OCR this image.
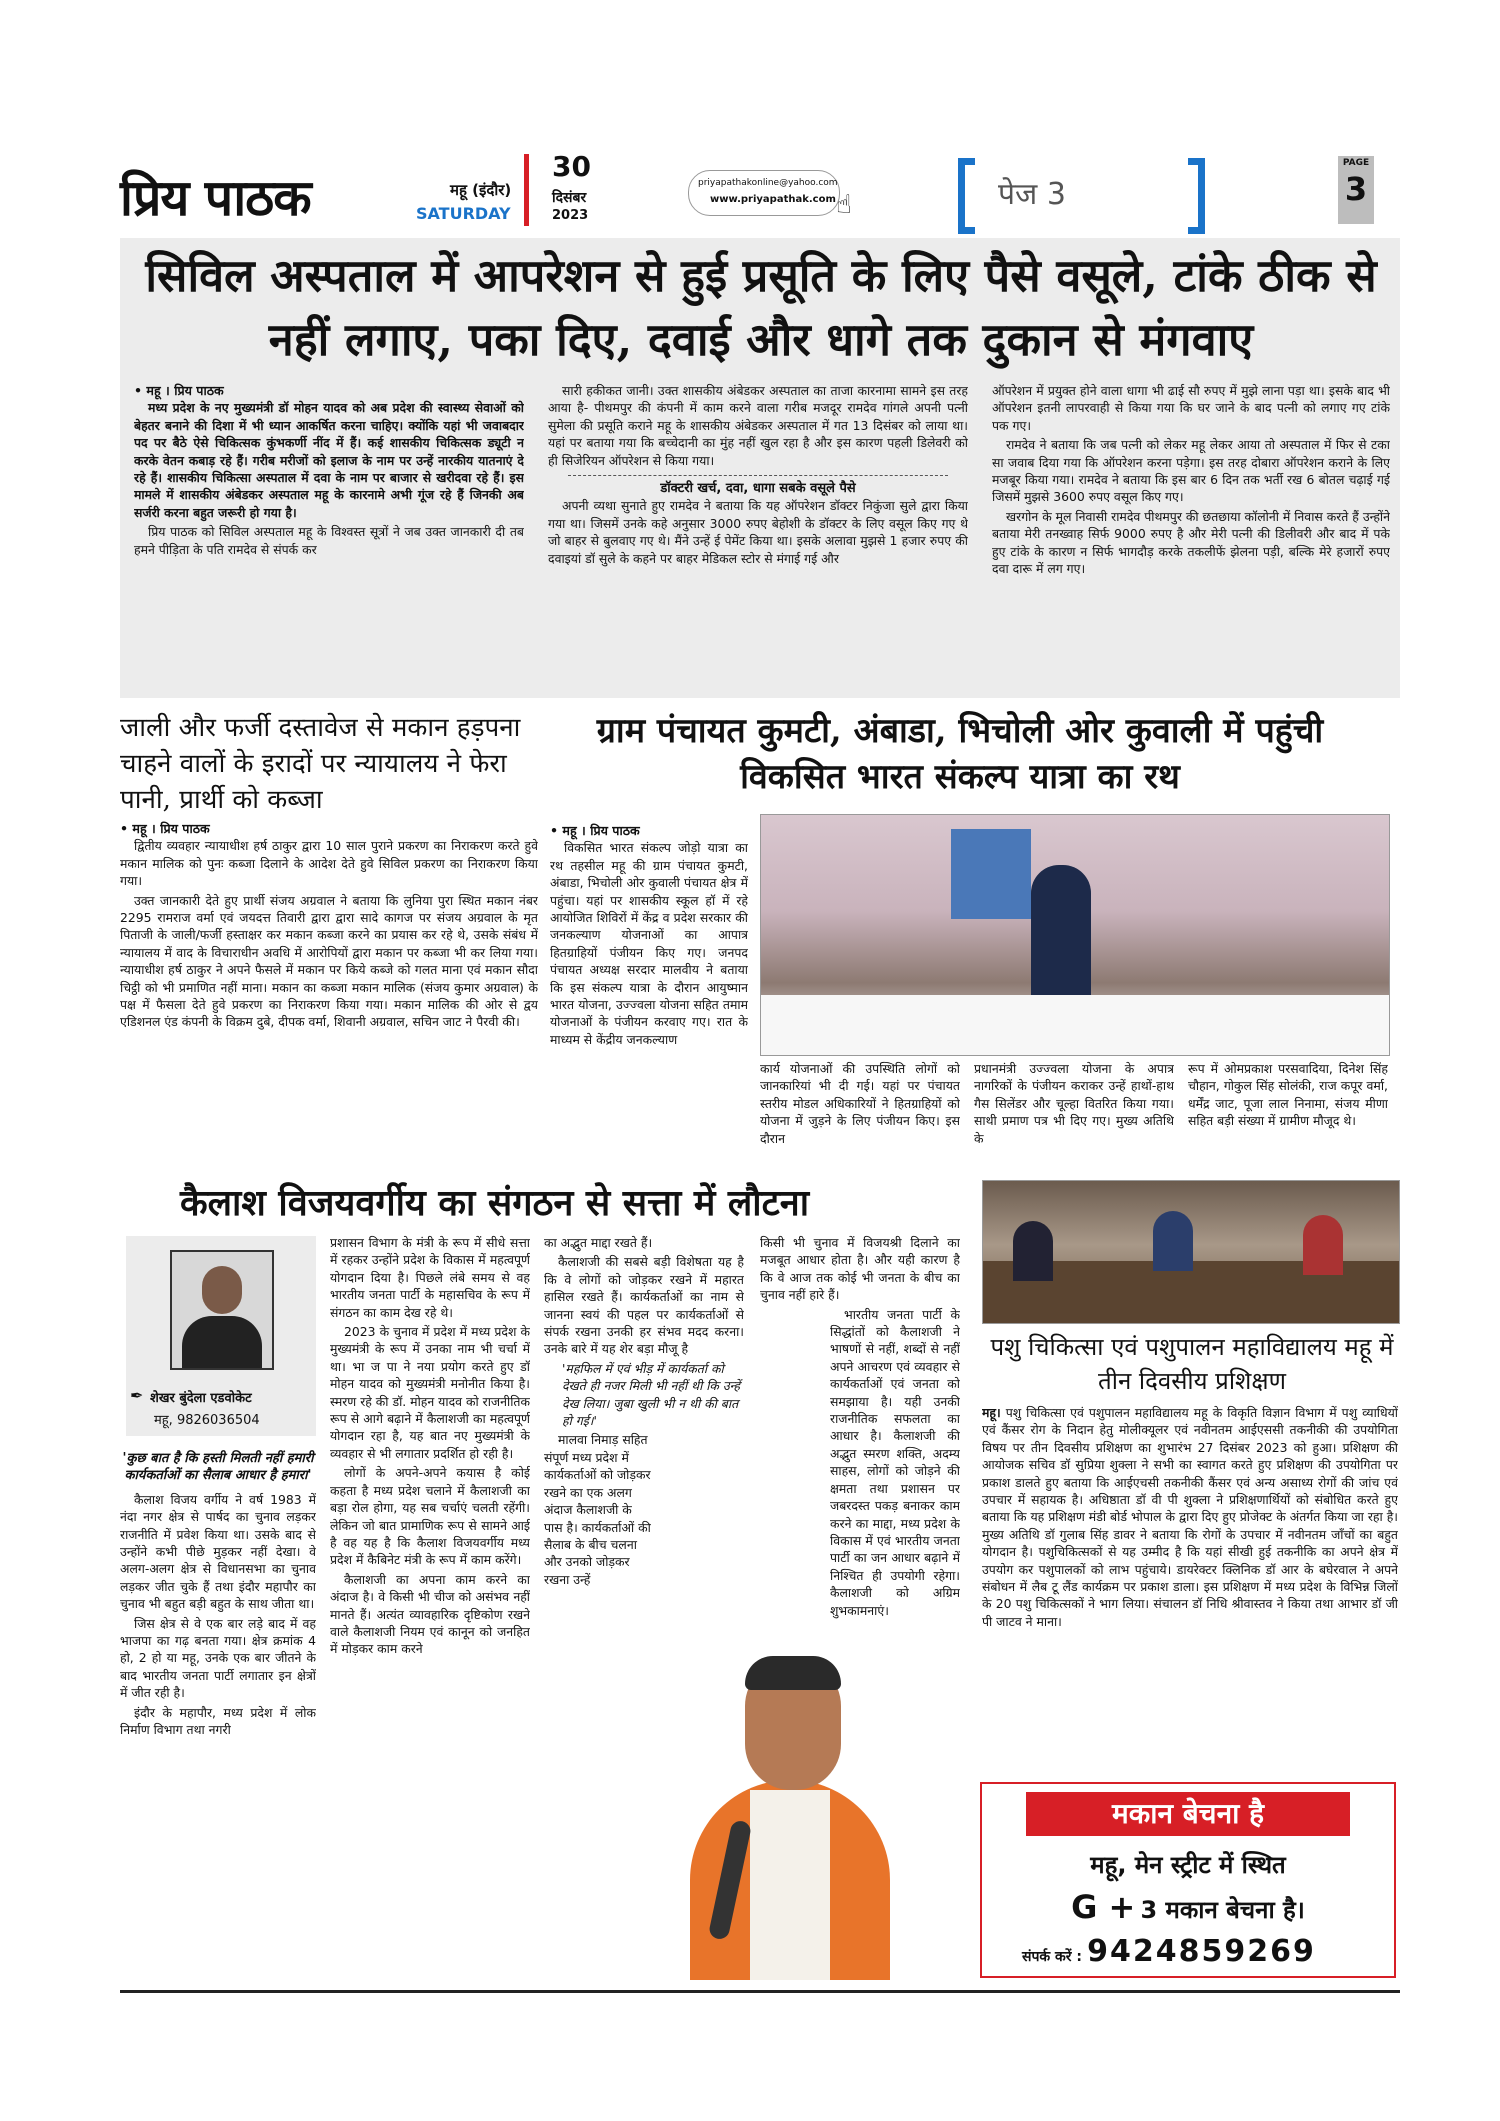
प्रिय पाठक	महू (इंदौर)
SATURDAY
30
दिसंबर
2023
priyapathakonline@yahoo.com
www.priyapathak.com ☝	पेज 3
PAGE
3
सिविल अस्पताल में आपरेशन से हुई प्रसूति के लिए पैसे वसूले, टांके ठीक से नहीं लगाए, पका दिए, दवाई और धागे तक दुकान से मंगवाए
• महू । प्रिय पाठक

मध्य प्रदेश के नए मुख्यमंत्री डॉ मोहन यादव को अब प्रदेश की स्वास्थ्य सेवाओं को बेहतर बनाने की दिशा में भी ध्यान आकर्षित करना चाहिए। क्योंकि यहां भी जवाबदार पद पर बैठे ऐसे चिकित्सक कुंभकर्णी नींद में हैं। कई शासकीय चिकित्सक ड्यूटी न करके वेतन कबाड़ रहे हैं। गरीब मरीजों को इलाज के नाम पर उन्हें नारकीय यातनाएं दे रहे हैं। शासकीय चिकित्सा अस्पताल में दवा के नाम पर बाजार से खरीदवा रहे हैं। इस मामले में शासकीय अंबेडकर अस्पताल महू के कारनामे अभी गूंज रहे हैं जिनकी अब सर्जरी करना बहुत जरूरी हो गया है।

प्रिय पाठक को सिविल अस्पताल महू के विश्वस्त सूत्रों ने जब उक्त जानकारी दी तब हमने पीड़िता के पति रामदेव से संपर्क कर

सारी हकीकत जानी। उक्त शासकीय अंबेडकर अस्पताल का ताजा कारनामा सामने इस तरह आया है- पीथमपुर की कंपनी में काम करने वाला गरीब मजदूर रामदेव गांगले अपनी पत्नी सुमेला की प्रसूति कराने महू के शासकीय अंबेडकर अस्पताल में गत 13 दिसंबर को लाया था। यहां पर बताया गया कि बच्चेदानी का मुंह नहीं खुल रहा है और इस कारण पहली डिलेवरी को ही सिजेरियन ऑपरेशन से किया गया।

डॉक्टरी खर्च, दवा, धागा सबके वसूले पैसे

अपनी व्यथा सुनाते हुए रामदेव ने बताया कि यह ऑपरेशन डॉक्टर निकुंजा सुले द्वारा किया गया था। जिसमें उनके कहे अनुसार 3000 रुपए बेहोशी के डॉक्टर के लिए वसूल किए गए थे जो बाहर से बुलवाए गए थे। मैंने उन्हें ई पेमेंट किया था। इसके अलावा मुझसे 1 हजार रुपए की दवाइयां डॉ सुले के कहने पर बाहर मेडिकल स्टोर से मंगाई गई और

ऑपरेशन में प्रयुक्त होने वाला धागा भी ढाई सौ रुपए में मुझे लाना पड़ा था। इसके बाद भी ऑपरेशन इतनी लापरवाही से किया गया कि घर जाने के बाद पत्नी को लगाए गए टांके पक गए।

रामदेव ने बताया कि जब पत्नी को लेकर महू लेकर आया तो अस्पताल में फिर से टका सा जवाब दिया गया कि ऑपरेशन करना पड़ेगा। इस तरह दोबारा ऑपरेशन कराने के लिए मजबूर किया गया। रामदेव ने बताया कि इस बार 6 दिन तक भर्ती रख 6 बोतल चढ़ाई गई जिसमें मुझसे 3600 रुपए वसूल किए गए।

खरगोन के मूल निवासी रामदेव पीथमपुर की छतछाया कॉलोनी में निवास करते हैं उन्होंने बताया मेरी तनख्वाह सिर्फ 9000 रुपए है और मेरी पत्नी की डिलीवरी और बाद में पके हुए टांके के कारण न सिर्फ भागदौड़ करके तकलीफें झेलना पड़ी, बल्कि मेरे हजारों रुपए दवा दारू में लग गए।

जाली और फर्जी दस्तावेज से मकान हड़पना चाहने वालों के इरादों पर न्यायालय ने फेरा पानी, प्रार्थी को कब्जा
• महू । प्रिय पाठक

द्वितीय व्यवहार न्यायाधीश हर्ष ठाकुर द्वारा 10 साल पुराने प्रकरण का निराकरण करते हुवे मकान मालिक को पुनः कब्जा दिलाने के आदेश देते हुवे सिविल प्रकरण का निराकरण किया गया।

उक्त जानकारी देते हुए प्रार्थी संजय अग्रवाल ने बताया कि लुनिया पुरा स्थित मकान नंबर 2295 रामराज वर्मा एवं जयदत्त तिवारी द्वारा द्वारा सादे कागज पर संजय अग्रवाल के मृत पिताजी के जाली/फर्जी हस्ताक्षर कर मकान कब्जा करने का प्रयास कर रहे थे, उसके संबंध में न्यायालय में वाद के विचाराधीन अवधि में आरोपियों द्वारा मकान पर कब्जा भी कर लिया गया। न्यायाधीश हर्ष ठाकुर ने अपने फैसले में मकान पर किये कब्जे को गलत माना एवं मकान सौदा चिट्ठी को भी प्रमाणित नहीं माना। मकान का कब्जा मकान मालिक (संजय कुमार अग्रवाल) के पक्ष में फैसला देते हुवे प्रकरण का निराकरण किया गया। मकान मालिक की ओर से द्वय एडिशनल एंड कंपनी के विक्रम दुबे, दीपक वर्मा, शिवानी अग्रवाल, सचिन जाट ने पैरवी की।

ग्राम पंचायत कुमटी, अंबाडा, भिचोली ओर कुवाली में पहुंची विकसित भारत संकल्प यात्रा का रथ
• महू । प्रिय पाठक

विकसित भारत संकल्प जोड़ो यात्रा का रथ तहसील महू की ग्राम पंचायत कुमटी, अंबाडा, भिचोली ओर कुवाली पंचायत क्षेत्र में पहुंचा। यहां पर शासकीय स्कूल हॉ में रहे आयोजित शिविरों में केंद्र व प्रदेश सरकार की जनकल्याण योजनाओं का आपात्र हितग्राहियों पंजीयन किए गए। जनपद पंचायत अध्यक्ष सरदार मालवीय ने बताया कि इस संकल्प यात्रा के दौरान आयुष्मान भारत योजना, उज्ज्वला योजना सहित तमाम योजनाओं के पंजीयन करवाए गए। रात के माध्यम से केंद्रीय जनकल्याण

कार्य योजनाओं की उपस्थिति लोगों को जानकारियां भी दी गई। यहां पर पंचायत स्तरीय मोडल अधिकारियों ने हितग्राहियों को योजना में जुड़ने के लिए पंजीयन किए। इस दौरान

प्रधानमंत्री उज्ज्वला योजना के अपात्र नागरिकों के पंजीयन कराकर उन्हें हाथों-हाथ गैस सिलेंडर और चूल्हा वितरित किया गया। साथी प्रमाण पत्र भी दिए गए। मुख्य अतिथि के

रूप में ओमप्रकाश परसवादिया, दिनेश सिंह चौहान, गोकुल सिंह सोलंकी, राज कपूर वर्मा, धर्मेंद्र जाट, पूजा लाल निनामा, संजय मीणा सहित बड़ी संख्या में ग्रामीण मौजूद थे।

कैलाश विजयवर्गीय का संगठन से सत्ता में लौटना
✒ शेखर बुंदेला एडवोकेट
महू, 9826036504
'कुछ बात है कि हस्ती मिलती नहीं हमारी कार्यकर्ताओं का सैलाब आधार है हमारा'

कैलाश विजय वर्गीय ने वर्ष 1983 में नंदा नगर क्षेत्र से पार्षद का चुनाव लड़कर राजनीति में प्रवेश किया था। उसके बाद से उन्होंने कभी पीछे मुड़कर नहीं देखा। वे अलग-अलग क्षेत्र से विधानसभा का चुनाव लड़कर जीत चुके हैं तथा इंदौर महापौर का चुनाव भी बहुत बड़ी बहुत के साथ जीता था।

जिस क्षेत्र से वे एक बार लड़े बाद में वह भाजपा का गढ़ बनता गया। क्षेत्र क्रमांक 4 हो, 2 हो या महू, उनके एक बार जीतने के बाद भारतीय जनता पार्टी लगातार इन क्षेत्रों में जीत रही है।

इंदौर के महापौर, मध्य प्रदेश में लोक निर्माण विभाग तथा नगरी

प्रशासन विभाग के मंत्री के रूप में सीधे सत्ता में रहकर उन्होंने प्रदेश के विकास में महत्वपूर्ण योगदान दिया है। पिछले लंबे समय से वह भारतीय जनता पार्टी के महासचिव के रूप में संगठन का काम देख रहे थे।

2023 के चुनाव में प्रदेश में मध्य प्रदेश के मुख्यमंत्री के रूप में उनका नाम भी चर्चा में था। भा ज पा ने नया प्रयोग करते हुए डॉ मोहन यादव को मुख्यमंत्री मनोनीत किया है। स्मरण रहे की डॉ. मोहन यादव को राजनीतिक रूप से आगे बढ़ाने में कैलाशजी का महत्वपूर्ण योगदान रहा है, यह बात नए मुख्यमंत्री के व्यवहार से भी लगातार प्रदर्शित हो रही है।

लोगों के अपने-अपने कयास है कोई कहता है मध्य प्रदेश चलाने में कैलाशजी का बड़ा रोल होगा, यह सब चर्चाएं चलती रहेंगी। लेकिन जो बात प्रामाणिक रूप से सामने आई है वह यह है कि कैलाश विजयवर्गीय मध्य प्रदेश में कैबिनेट मंत्री के रूप में काम करेंगे।

कैलाशजी का अपना काम करने का अंदाज है। वे किसी भी चीज को असंभव नहीं मानते हैं। अत्यंत व्यावहारिक दृष्टिकोण रखने वाले कैलाशजी नियम एवं कानून को जनहित में मोड़कर काम करने

का अद्भुत माद्दा रखते हैं।

कैलाशजी की सबसे बड़ी विशेषता यह है कि वे लोगों को जोड़कर रखने में महारत हासिल रखते हैं। कार्यकर्ताओं का नाम से जानना स्वयं की पहल पर कार्यकर्ताओं से संपर्क रखना उनकी हर संभव मदद करना। उनके बारे में यह शेर बड़ा मौजू है

'महफिल में एवं भीड़ में कार्यकर्ता को देखते ही नजर मिली भी नहीं थी कि उन्हें देख लिया। जुबा खुली भी न थी की बात हो गई।'

मालवा निमाड़ सहित संपूर्ण मध्य प्रदेश में कार्यकर्ताओं को जोड़कर रखने का एक अलग अंदाज कैलाशजी के पास है। कार्यकर्ताओं की सैलाब के बीच चलना और उनको जोड़कर रखना उन्हें

किसी भी चुनाव में विजयश्री दिलाने का मजबूत आधार होता है। और यही कारण है कि वे आज तक कोई भी जनता के बीच का चुनाव नहीं हारे हैं।

भारतीय जनता पार्टी के सिद्धांतों को कैलाशजी ने भाषणों से नहीं, शब्दों से नहीं अपने आचरण एवं व्यवहार से कार्यकर्ताओं एवं जनता को समझाया है। यही उनकी राजनीतिक सफलता का आधार है। कैलाशजी की अद्भुत स्मरण शक्ति, अदम्य साहस, लोगों को जोड़ने की क्षमता तथा प्रशासन पर जबरदस्त पकड़ बनाकर काम करने का माद्दा, मध्य प्रदेश के विकास में एवं भारतीय जनता पार्टी का जन आधार बढ़ाने में निश्चित ही उपयोगी रहेगा। कैलाशजी को अग्रिम शुभकामनाएं।

पशु चिकित्सा एवं पशुपालन महाविद्यालय महू में तीन दिवसीय प्रशिक्षण

महू। पशु चिकित्सा एवं पशुपालन महाविद्यालय महू के विकृति विज्ञान विभाग में पशु व्याधियों एवं कैंसर रोग के निदान हेतु मोलीक्यूलर एवं नवीनतम आईएससी तकनीकी की उपयोगिता विषय पर तीन दिवसीय प्रशिक्षण का शुभारंभ 27 दिसंबर 2023 को हुआ। प्रशिक्षण की आयोजक सचिव डॉ सुप्रिया शुक्ला ने सभी का स्वागत करते हुए प्रशिक्षण की उपयोगिता पर प्रकाश डालते हुए बताया कि आईएचसी तकनीकी कैंसर एवं अन्य असाध्य रोगों की जांच एवं उपचार में सहायक है। अधिष्ठाता डॉ वी पी शुक्ला ने प्रशिक्षणार्थियों को संबोधित करते हुए बताया कि यह प्रशिक्षण मंडी बोर्ड भोपाल के द्वारा दिए हुए प्रोजेक्ट के अंतर्गत किया जा रहा है। मुख्य अतिथि डॉ गुलाब सिंह डावर ने बताया कि रोगों के उपचार में नवीनतम जाँचों का बहुत योगदान है। पशुचिकित्सकों से यह उम्मीद है कि यहां सीखी हुई तकनीकि का अपने क्षेत्र में उपयोग कर पशुपालकों को लाभ पहुंचाये। डायरेक्टर क्लिनिक डॉ आर के बघेरवाल ने अपने संबोधन में लैब टू लैंड कार्यक्रम पर प्रकाश डाला। इस प्रशिक्षण में मध्य प्रदेश के विभिन्न जिलों के 20 पशु चिकित्सकों ने भाग लिया। संचालन डॉ निधि श्रीवास्तव ने किया तथा आभार डॉ जी पी जाटव ने माना।

मकान बेचना है
महू, मेन स्ट्रीट में स्थित
G + 3 मकान बेचना है।
संपर्क करें : 9424859269
